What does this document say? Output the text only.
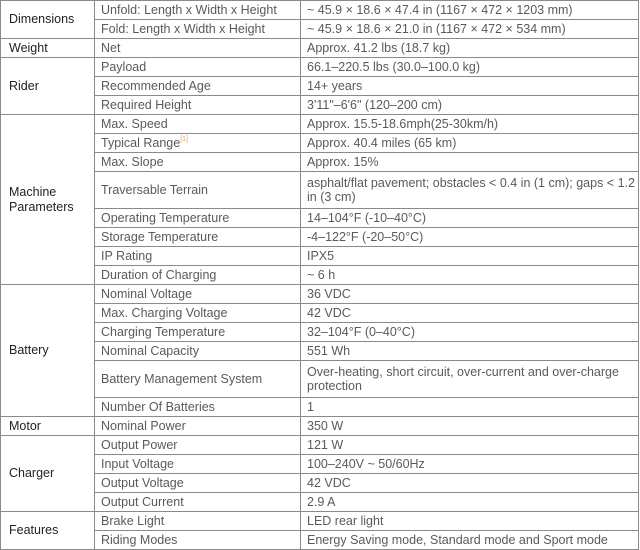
Dimensions	Unfold: Length x Width x Height	~ 45.9 × 18.6 × 47.4 in (1167 × 472 × 1203 mm)
	Fold: Length x Width x Height	~ 45.9 × 18.6 × 21.0 in (1167 × 472 × 534 mm)
Weight	Net	Approx. 41.2 lbs (18.7 kg)
Rider	Payload	66.1–220.5 lbs (30.0–100.0 kg)
	Recommended Age	14+ years
	Required Height	3'11"–6'6" (120–200 cm)
Machine Parameters	Max. Speed	Approx. 15.5-18.6mph(25-30km/h)
	Typical Range[1]	Approx. 40.4 miles (65 km)
	Max. Slope	Approx. 15%
	Traversable Terrain	asphalt/flat pavement; obstacles < 0.4 in (1 cm); gaps < 1.2 in (3 cm)
	Operating Temperature	14–104°F (-10–40°C)
	Storage Temperature	-4–122°F (-20–50°C)
	IP Rating	IPX5
	Duration of Charging	~ 6 h
Battery	Nominal Voltage	36 VDC
	Max. Charging Voltage	42 VDC
	Charging Temperature	32–104°F (0–40°C)
	Nominal Capacity	551 Wh
	Battery Management System	Over-heating, short circuit, over-current and over-charge protection
	Number Of Batteries	1
Motor	Nominal Power	350 W
Charger	Output Power	121 W
	Input Voltage	100–240V ~ 50/60Hz
	Output Voltage	42 VDC
	Output Current	2.9 A
Features	Brake Light	LED rear light
	Riding Modes	Energy Saving mode, Standard mode and Sport mode
